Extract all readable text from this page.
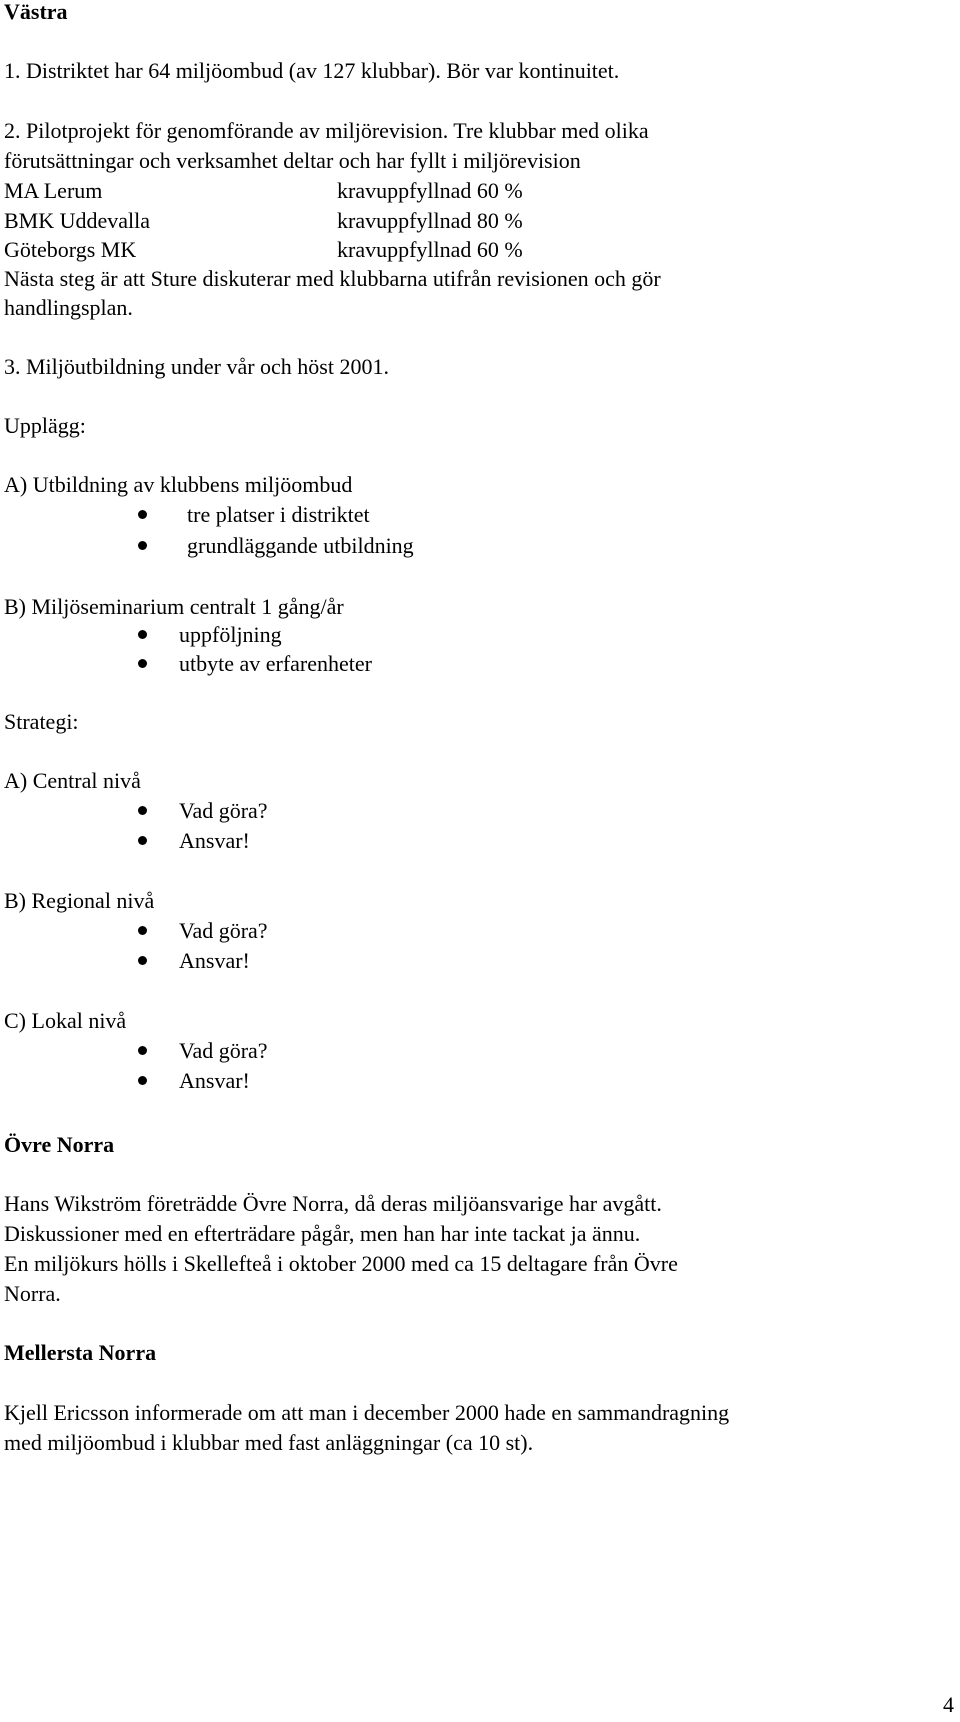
Västra
1. Distriktet har 64 miljöombud (av 127 klubbar). Bör var kontinuitet.
2. Pilotprojekt för genomförande av miljörevision. Tre klubbar med olika
förutsättningar och verksamhet deltar och har fyllt i miljörevision
MA Lerum	kravuppfyllnad 60 %
BMK Uddevalla	kravuppfyllnad 80 %
Göteborgs MK	kravuppfyllnad 60 %
Nästa steg är att Sture diskuterar med klubbarna utifrån revisionen och gör
handlingsplan.
3. Miljöutbildning under vår och höst 2001.
Upplägg:
A) Utbildning av klubbens miljöombud
tre platser i distriktet
grundläggande utbildning
B) Miljöseminarium centralt 1 gång/år
uppföljning
utbyte av erfarenheter
Strategi:
A) Central nivå
Vad göra?
Ansvar!
B) Regional nivå
Vad göra?
Ansvar!
C) Lokal nivå
Vad göra?
Ansvar!
Övre Norra
Hans Wikström företrädde Övre Norra, då deras miljöansvarige har avgått.
Diskussioner med en efterträdare pågår, men han har inte tackat ja ännu.
En miljökurs hölls i Skellefteå i oktober 2000 med ca 15 deltagare från Övre
Norra.
Mellersta Norra
Kjell Ericsson informerade om att man i december 2000 hade en sammandragning
med miljöombud i klubbar med fast anläggningar (ca 10 st).
4
